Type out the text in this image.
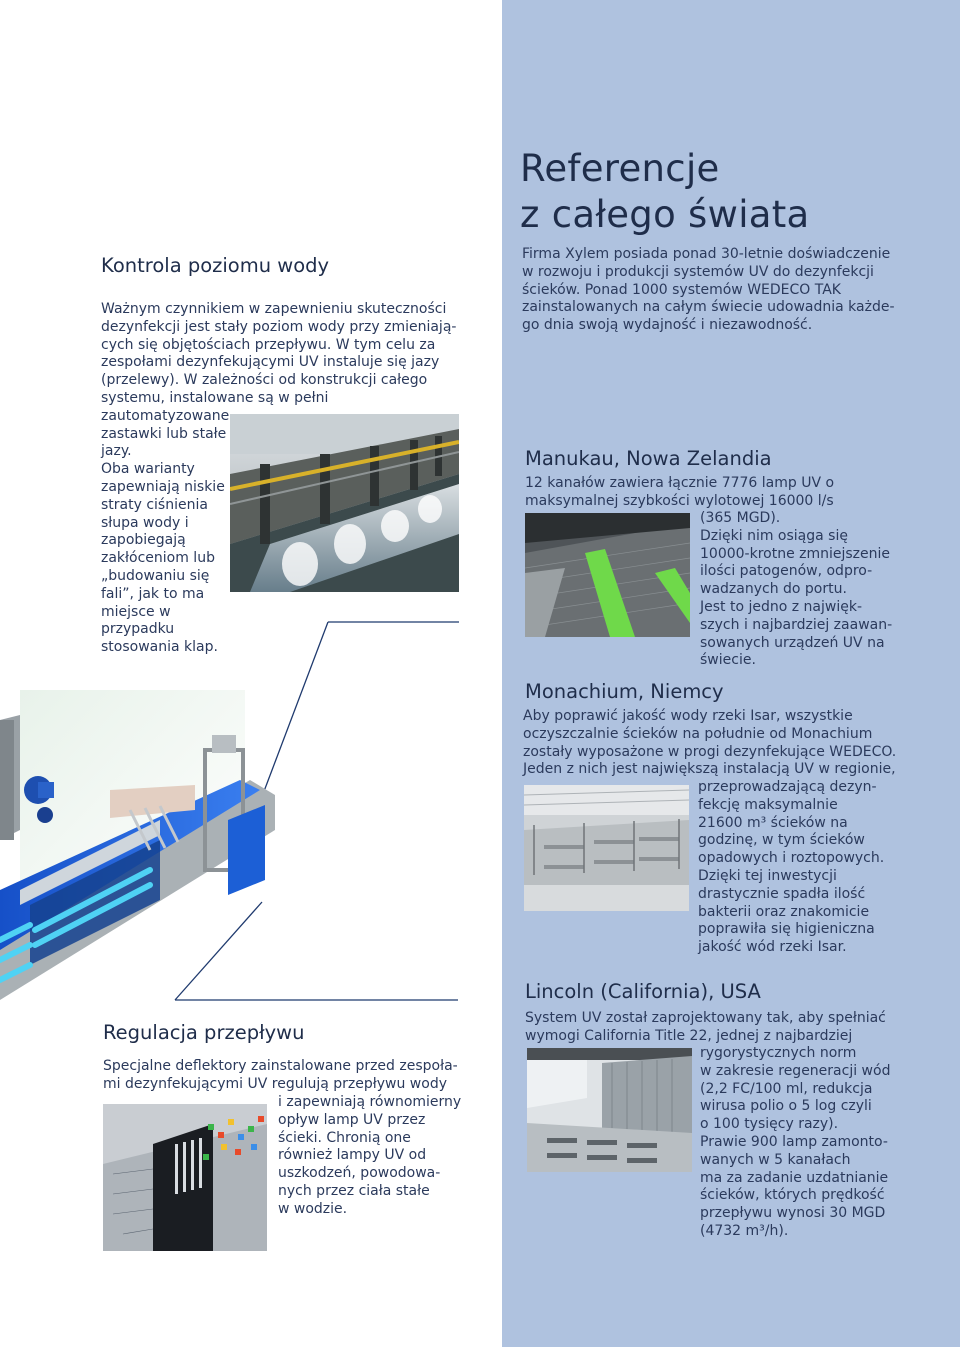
Kontrola poziomu wody
Ważnym czynnikiem w zapewnieniu skuteczności
dezynfekcji jest stały poziom wody przy zmieniają-
cych się objętościach przepływu. W tym celu za
zespołami dezynfekującymi UV instaluje się jazy
(przelewy). W zależności od konstrukcji całego
systemu, instalowane są w pełni zautomatyzowane
zastawki lub stałe
jazy.
Oba warianty
zapewniają niskie
straty ciśnienia
słupa wody i
zapobiegają
zakłóceniom lub
„budowaniu się
fali”, jak to ma
miejsce w
przypadku
stosowania klap.
Regulacja przepływu
Specjalne deflektory zainstalowane przed zespoła-
mi dezynfekującymi UV regulują przepływu wody
i zapewniają równomierny
opływ lamp UV przez
ścieki. Chronią one
również lampy UV od
uszkodzeń, powodowa-
nych przez ciała stałe
w wodzie.
Referencje
z całego świata
Firma Xylem posiada ponad 30-letnie doświadczenie
w rozwoju i produkcji systemów UV do dezynfekcji
ścieków. Ponad 1000 systemów WEDECO TAK
zainstalowanych na całym świecie udowadnia każde-
go dnia swoją wydajność i niezawodność.
Manukau, Nowa Zelandia
12 kanałów zawiera łącznie 7776 lamp UV o
maksymalnej szybkości wylotowej 16000 l/s
(365 MGD).
Dzięki nim osiąga się
10000-krotne zmniejszenie
ilości patogenów, odpro-
wadzanych do portu.
Jest to jedno z najwięk-
szych i najbardziej zaawan-
sowanych urządzeń UV na
świecie.
Monachium, Niemcy
Aby poprawić jakość wody rzeki Isar, wszystkie
oczyszczalnie ścieków na południe od Monachium
zostały wyposażone w progi dezynfekujące WEDECO.
Jeden z nich jest największą instalacją UV w regionie,
przeprowadzającą dezyn-
fekcję maksymalnie
21600 m³ ścieków na
godzinę, w tym ścieków
opadowych i roztopowych.
Dzięki tej inwestycji
drastycznie spadła ilość
bakterii oraz znakomicie
poprawiła się higieniczna
jakość wód rzeki Isar.
Lincoln (California), USA
System UV został zaprojektowany tak, aby spełniać
wymogi California Title 22, jednej z najbardziej
rygorystycznych norm
w zakresie regeneracji wód
(2,2 FC/100 ml, redukcja
wirusa polio o 5 log czyli
o 100 tysięcy razy).
Prawie 900 lamp zamonto-
wanych w 5 kanałach
ma za zadanie uzdatnianie
ścieków, których prędkość
przepływu wynosi 30 MGD
(4732 m³/h).
